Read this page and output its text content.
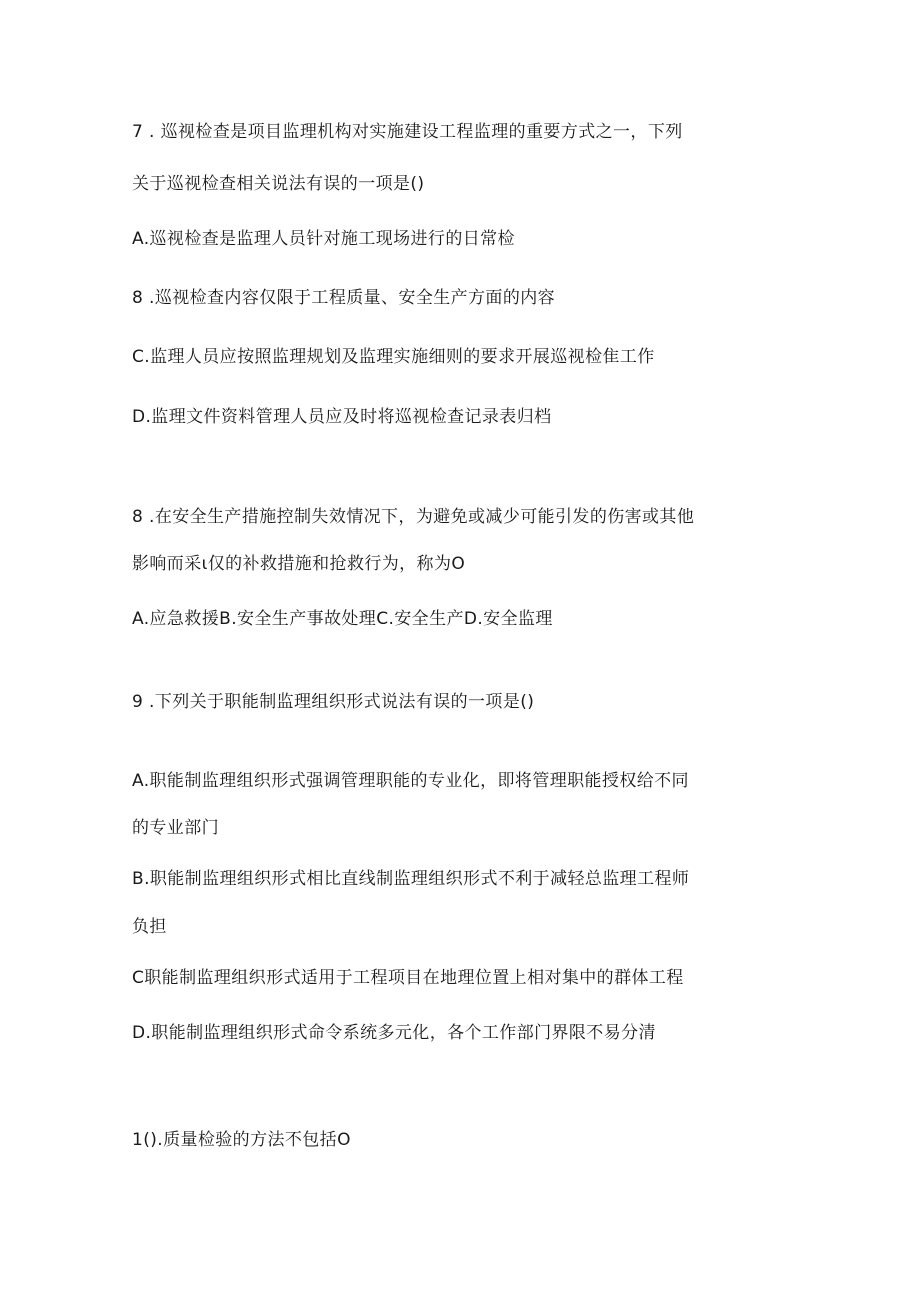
7 . 巡视检查是项目监理机构对实施建设工程监理的重要方式之一，下列
关于巡视检查相关说法有误的一项是()
A.巡视检查是监理人员针对施工现场进行的日常检
8 .巡视检查内容仅限于工程质量、安全生产方面的内容
C.监理人员应按照监理规划及监理实施细则的要求开展巡视检隹工作
D.监理文件资料管理人员应及时将巡视检查记录表归档
8 .在安全生产措施控制失效情况下，为避免或减少可能引发的伤害或其他
影响而采ι仅的补救措施和抢救行为，称为O
A.应急救援B.安全生产事故处理C.安全生产D.安全监理
9 .下列关于职能制监理组织形式说法有误的一项是()
A.职能制监理组织形式强调管理职能的专业化，即将管理职能授权给不同
的专业部门
B.职能制监理组织形式相比直线制监理组织形式不利于减轻总监理工程师
负担
C职能制监理组织形式适用于工程项目在地理位置上相对集中的群体工程
D.职能制监理组织形式命令系统多元化，各个工作部门界限不易分清
1().质量检验的方法不包括O
